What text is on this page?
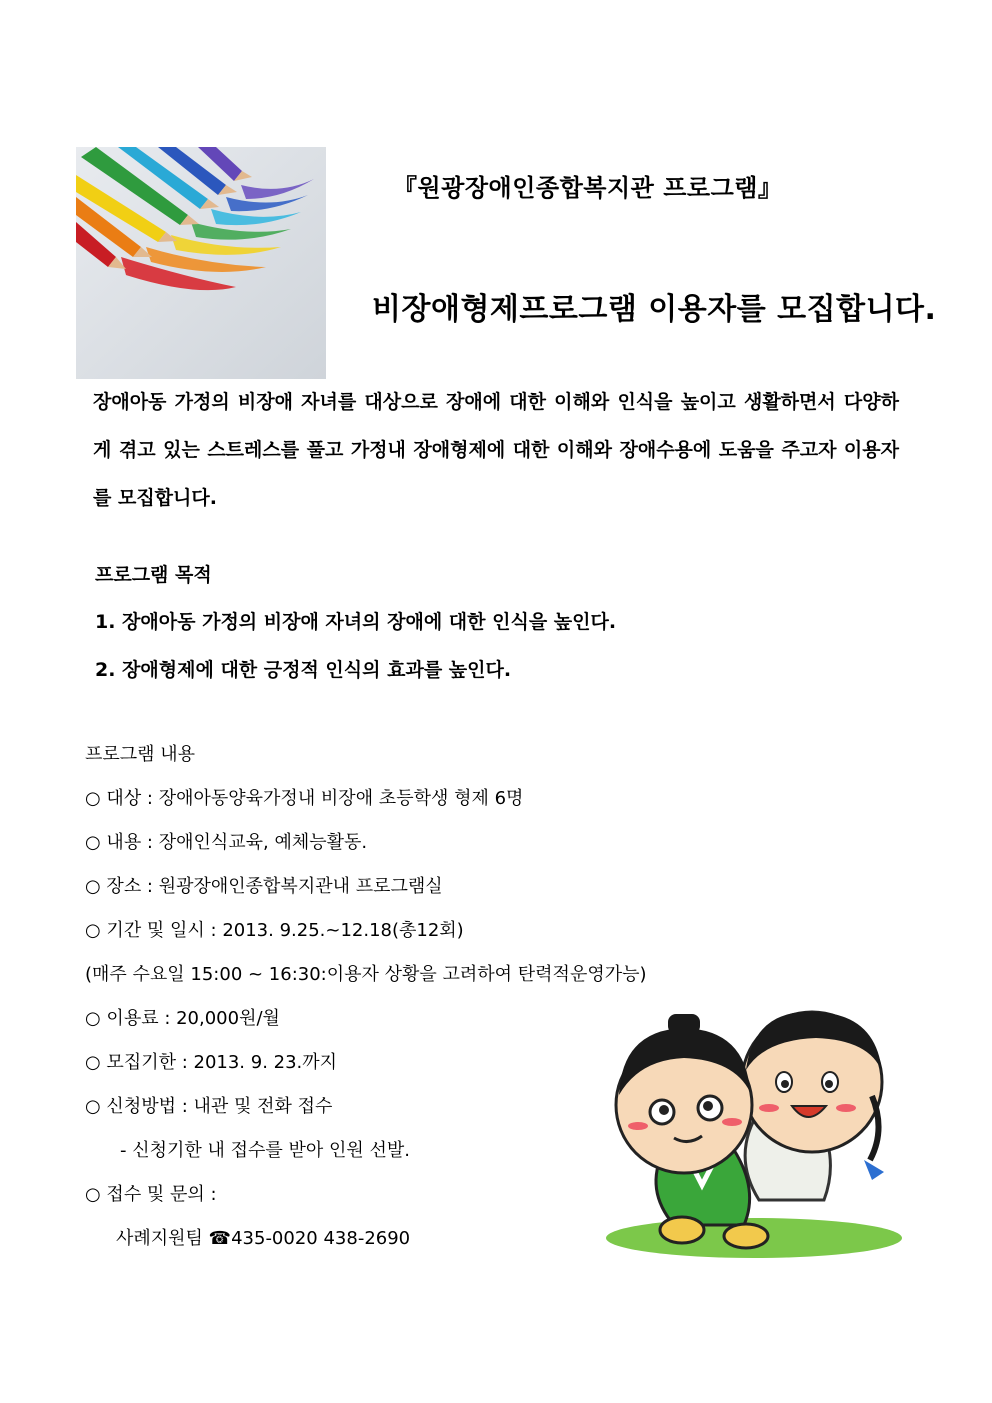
『원광장애인종합복지관 프로그램』
비장애형제프로그램 이용자를 모집합니다.
장애아동 가정의 비장애 자녀를 대상으로 장애에 대한 이해와 인식을 높이고 생활하면서 다양하게 겪고 있는 스트레스를 풀고 가정내 장애형제에 대한 이해와 장애수용에 도움을 주고자 이용자를 모집합니다.
프로그램 목적
1. 장애아동 가정의 비장애 자녀의 장애에 대한 인식을 높인다.
2. 장애형제에 대한 긍정적 인식의 효과를 높인다.
프로그램 내용
○ 대상 : 장애아동양육가정내 비장애 초등학생 형제 6명
○ 내용 : 장애인식교육, 예체능활동.
○ 장소 : 원광장애인종합복지관내 프로그램실
○ 기간 및 일시 : 2013. 9.25.~12.18(총12회)
(매주 수요일 15:00 ~ 16:30:이용자 상황을 고려하여 탄력적운영가능)
○ 이용료 : 20,000원/월
○ 모집기한 : 2013. 9. 23.까지
○ 신청방법 : 내관 및 전화 접수
- 신청기한 내 접수를 받아 인원 선발.
○ 접수 및 문의 :
사례지원팀 ☎435-0020 438-2690
